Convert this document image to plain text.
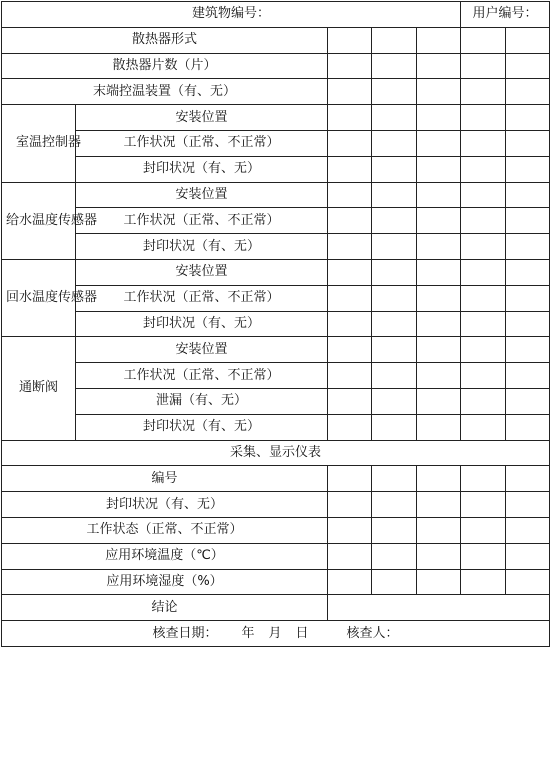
建筑物编号：					用户编号：	
散热器形式						
散热器片数（片）						
末端控温装置（有、无）						
室温控制器	安装位置					
	工作状况（正常、不正常）					
	封印状况（有、无）					
给水温度传感器	安装位置					
	工作状况（正常、不正常）					
	封印状况（有、无）					
回水温度传感器	安装位置					
	工作状况（正常、不正常）					
	封印状况（有、无）					
通断阀	安装位置					
	工作状况（正常、不正常）					
	泄漏（有、无）					
	封印状况（有、无）					
采集、显示仪表						
编号						
封印状况（有、无）						
工作状态（正常、不正常）						
应用环境温度（℃）						
应用环境湿度（%）						
结论						
核查日期： 年 月 日 核查人：						
